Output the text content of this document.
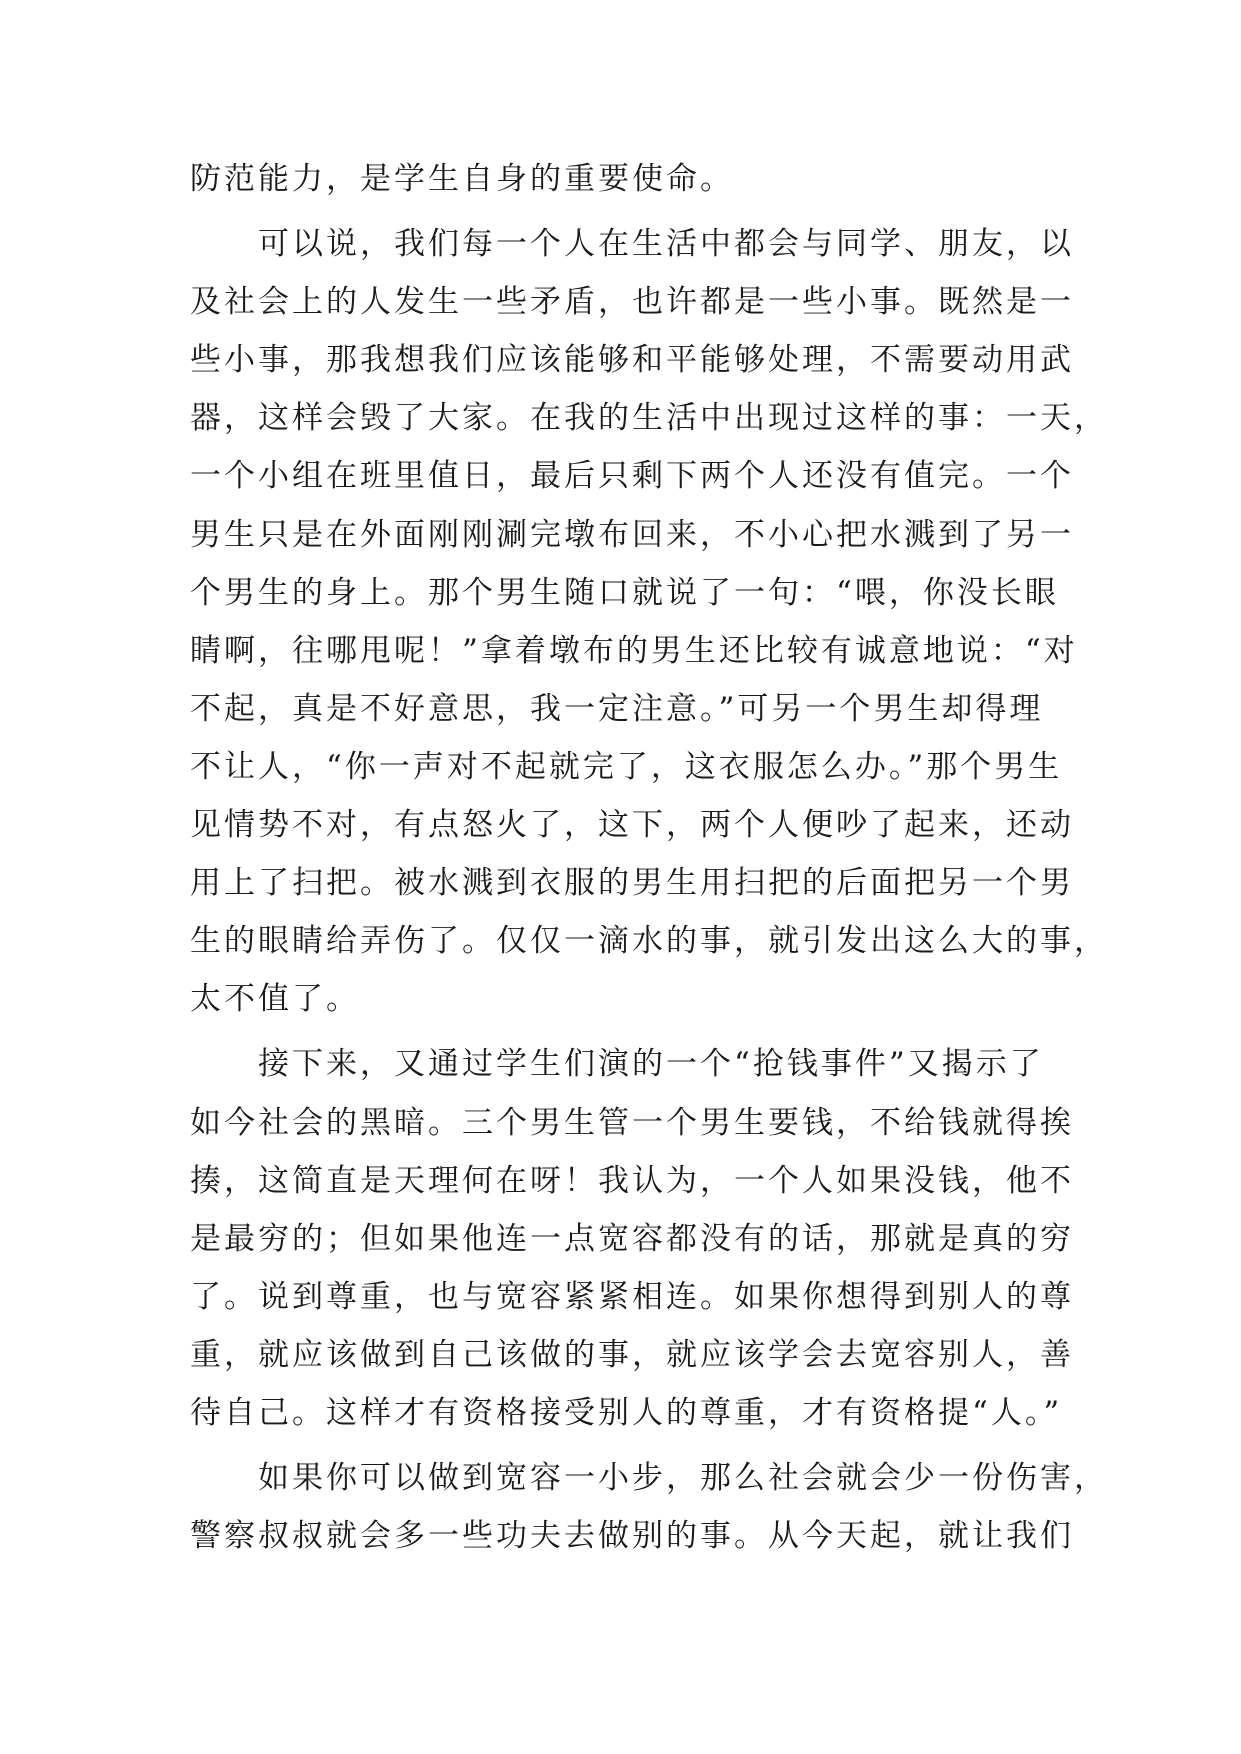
防范能力，是学生自身的重要使命。
可以说，我们每一个人在生活中都会与同学、朋友，以
及社会上的人发生一些矛盾，也许都是一些小事。既然是一
些小事，那我想我们应该能够和平能够处理，不需要动用武
器，这样会毁了大家。在我的生活中出现过这样的事：一天，
一个小组在班里值日，最后只剩下两个人还没有值完。一个
男生只是在外面刚刚涮完墩布回来，不小心把水溅到了另一
个男生的身上。那个男生随口就说了一句：“喂，你没长眼
睛啊，往哪甩呢！”拿着墩布的男生还比较有诚意地说：“对
不起，真是不好意思，我一定注意。”可另一个男生却得理
不让人，“你一声对不起就完了，这衣服怎么办。”那个男生
见情势不对，有点怒火了，这下，两个人便吵了起来，还动
用上了扫把。被水溅到衣服的男生用扫把的后面把另一个男
生的眼睛给弄伤了。仅仅一滴水的事，就引发出这么大的事，
太不值了。
接下来，又通过学生们演的一个“抢钱事件”又揭示了
如今社会的黑暗。三个男生管一个男生要钱，不给钱就得挨
揍，这简直是天理何在呀！我认为，一个人如果没钱，他不
是最穷的；但如果他连一点宽容都没有的话，那就是真的穷
了。说到尊重，也与宽容紧紧相连。如果你想得到别人的尊
重，就应该做到自己该做的事，就应该学会去宽容别人，善
待自己。这样才有资格接受别人的尊重，才有资格提“人。”
如果你可以做到宽容一小步，那么社会就会少一份伤害，
警察叔叔就会多一些功夫去做别的事。从今天起，就让我们
